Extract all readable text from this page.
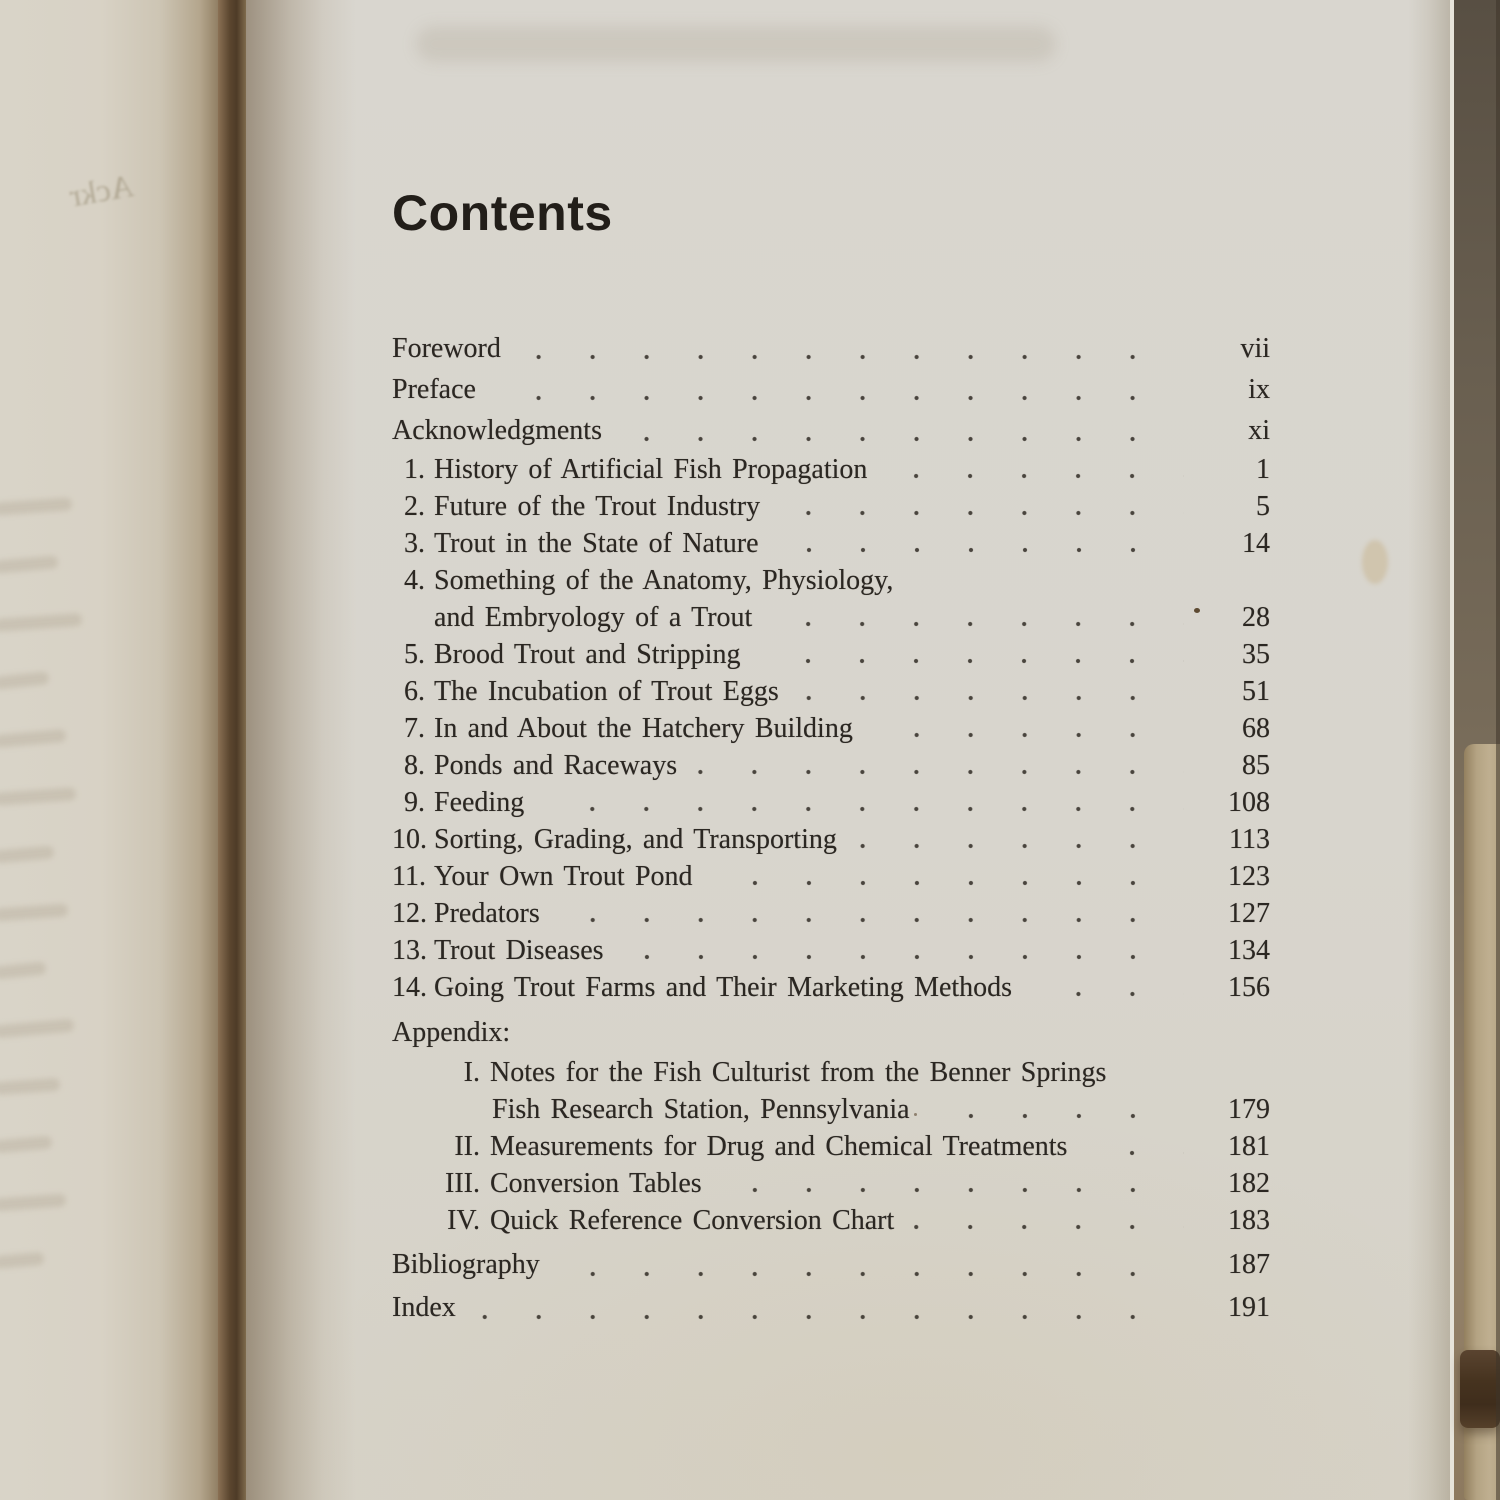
Ackr	Contents
Foreword	vii
Preface	ix
Acknowledgments	xi
1. History of Artificial Fish Propagation	1
2. Future of the Trout Industry	5
3. Trout in the State of Nature	14
4. Something of the Anatomy, Physiology,
and Embryology of a Trout	28
5. Brood Trout and Stripping	35
6. The Incubation of Trout Eggs	51
7. In and About the Hatchery Building	68
8. Ponds and Raceways	85
9. Feeding	108
10. Sorting, Grading, and Transporting	113
11. Your Own Trout Pond	123
12. Predators	127
13. Trout Diseases	134
14. Going Trout Farms and Their Marketing Methods	156
Appendix:
I. Notes for the Fish Culturist from the Benner Springs
Fish Research Station, Pennsylvania	179
II. Measurements for Drug and Chemical Treatments	181
III. Conversion Tables	182
IV. Quick Reference Conversion Chart	183
Bibliography	187
Index	191
